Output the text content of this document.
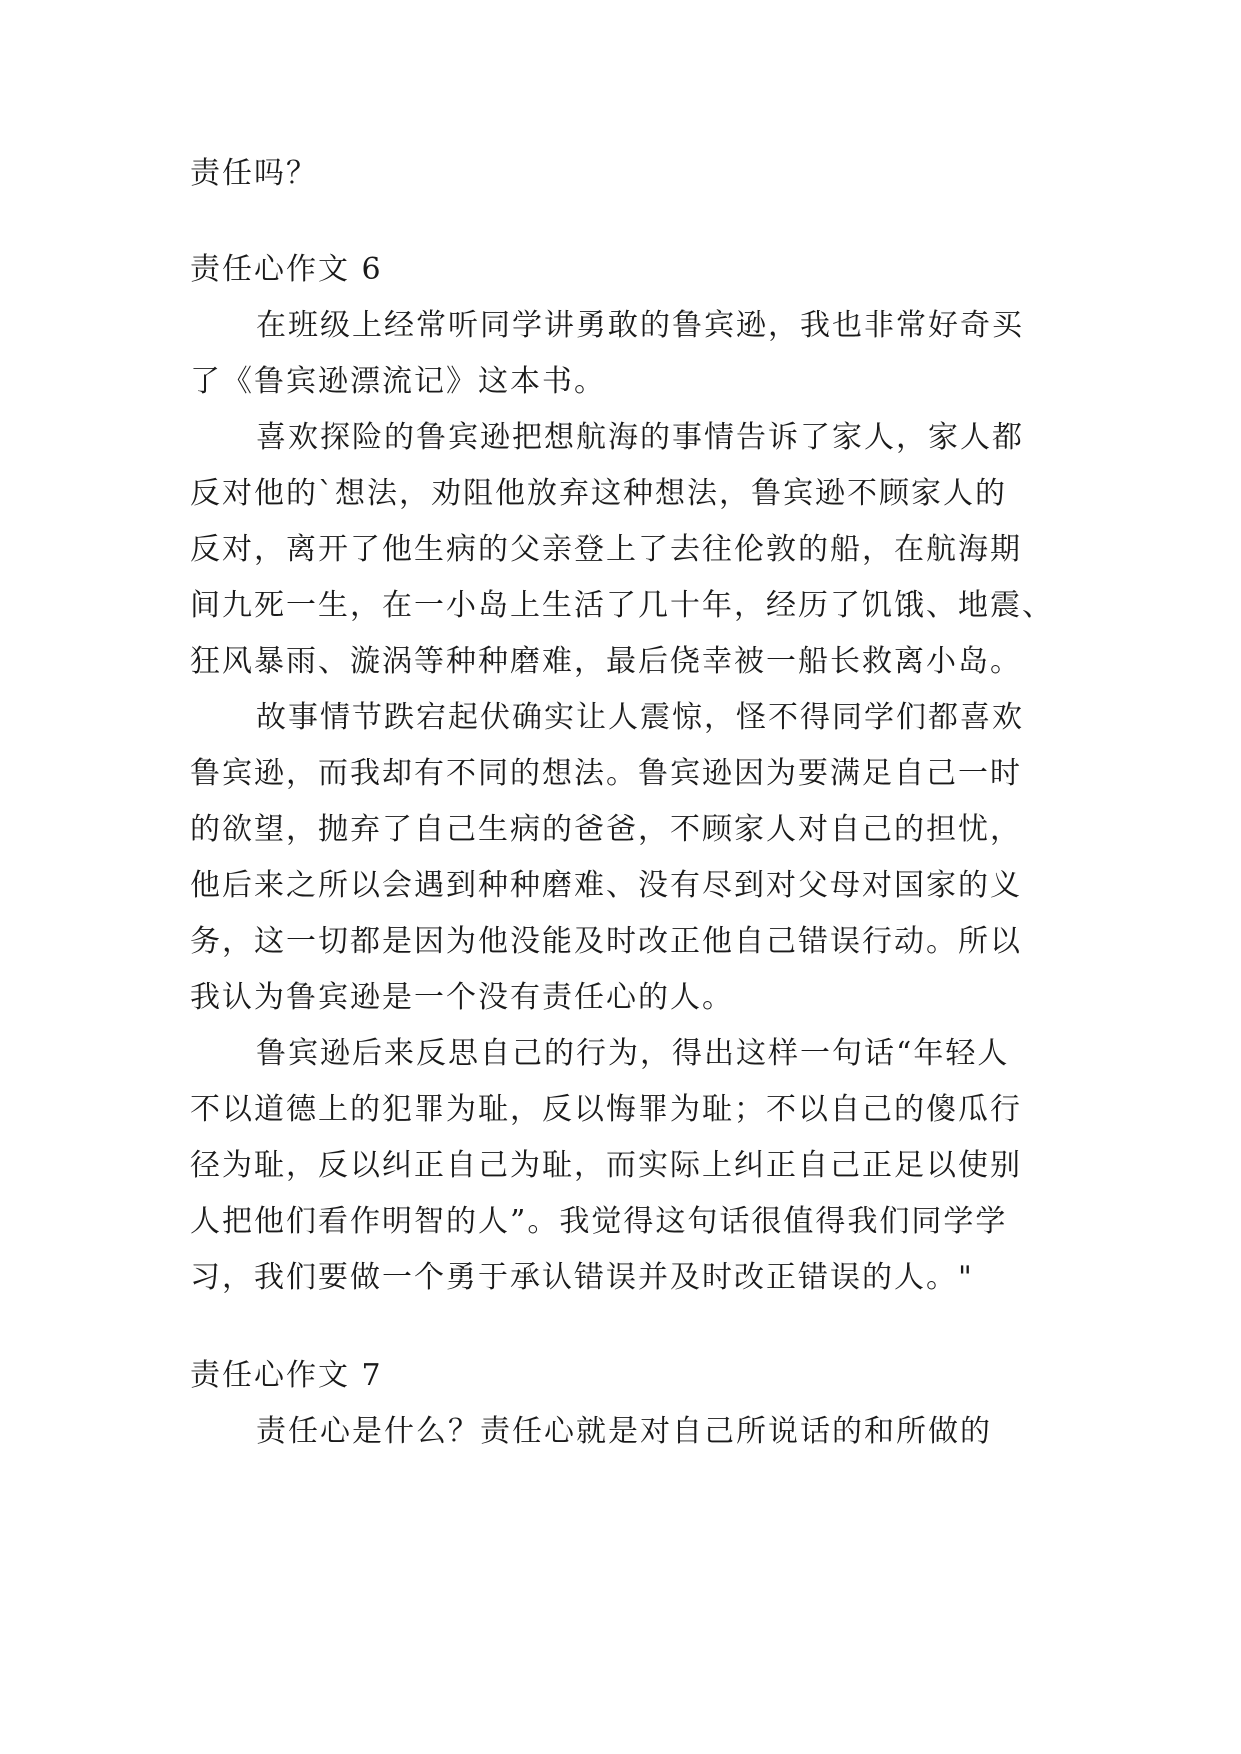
责任吗？
责任心作文 6
在班级上经常听同学讲勇敢的鲁宾逊，我也非常好奇买
了《鲁宾逊漂流记》这本书。
喜欢探险的鲁宾逊把想航海的事情告诉了家人，家人都
反对他的`想法，劝阻他放弃这种想法，鲁宾逊不顾家人的
反对，离开了他生病的父亲登上了去往伦敦的船，在航海期
间九死一生，在一小岛上生活了几十年，经历了饥饿、地震、
狂风暴雨、漩涡等种种磨难，最后侥幸被一船长救离小岛。
故事情节跌宕起伏确实让人震惊，怪不得同学们都喜欢
鲁宾逊，而我却有不同的想法。鲁宾逊因为要满足自己一时
的欲望，抛弃了自己生病的爸爸，不顾家人对自己的担忧，
他后来之所以会遇到种种磨难、没有尽到对父母对国家的义
务，这一切都是因为他没能及时改正他自己错误行动。所以
我认为鲁宾逊是一个没有责任心的人。
鲁宾逊后来反思自己的行为，得出这样一句话“年轻人
不以道德上的犯罪为耻，反以悔罪为耻；不以自己的傻瓜行
径为耻，反以纠正自己为耻，而实际上纠正自己正足以使别
人把他们看作明智的人”。我觉得这句话很值得我们同学学
习，我们要做一个勇于承认错误并及时改正错误的人。"
责任心作文 7
责任心是什么？责任心就是对自己所说话的和所做的
